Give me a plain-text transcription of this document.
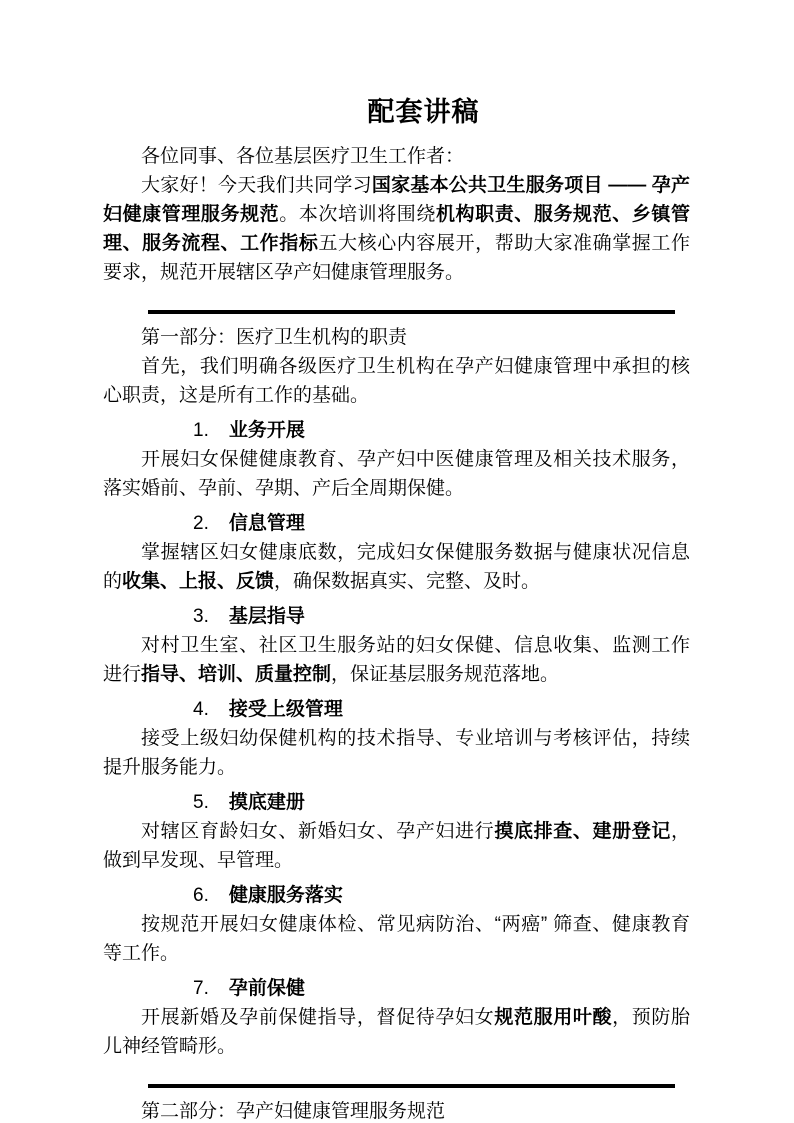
配套讲稿

各位同事、各位基层医疗卫生工作者：

大家好！今天我们共同学习国家基本公共卫生服务项目 —— 孕产妇健康管理服务规范。本次培训将围绕机构职责、服务规范、乡镇管理、服务流程、工作指标五大核心内容展开，帮助大家准确掌握工作要求，规范开展辖区孕产妇健康管理服务。

第一部分：医疗卫生机构的职责

首先，我们明确各级医疗卫生机构在孕产妇健康管理中承担的核心职责，这是所有工作的基础。

1. 业务开展

开展妇女保健健康教育、孕产妇中医健康管理及相关技术服务，落实婚前、孕前、孕期、产后全周期保健。

2. 信息管理

掌握辖区妇女健康底数，完成妇女保健服务数据与健康状况信息的收集、上报、反馈，确保数据真实、完整、及时。

3. 基层指导

对村卫生室、社区卫生服务站的妇女保健、信息收集、监测工作进行指导、培训、质量控制，保证基层服务规范落地。

4. 接受上级管理

接受上级妇幼保健机构的技术指导、专业培训与考核评估，持续提升服务能力。

5. 摸底建册

对辖区育龄妇女、新婚妇女、孕产妇进行摸底排查、建册登记，做到早发现、早管理。

6. 健康服务落实

按规范开展妇女健康体检、常见病防治、“两癌” 筛查、健康教育等工作。

7. 孕前保健

开展新婚及孕前保健指导，督促待孕妇女规范服用叶酸，预防胎儿神经管畸形。

第二部分：孕产妇健康管理服务规范
